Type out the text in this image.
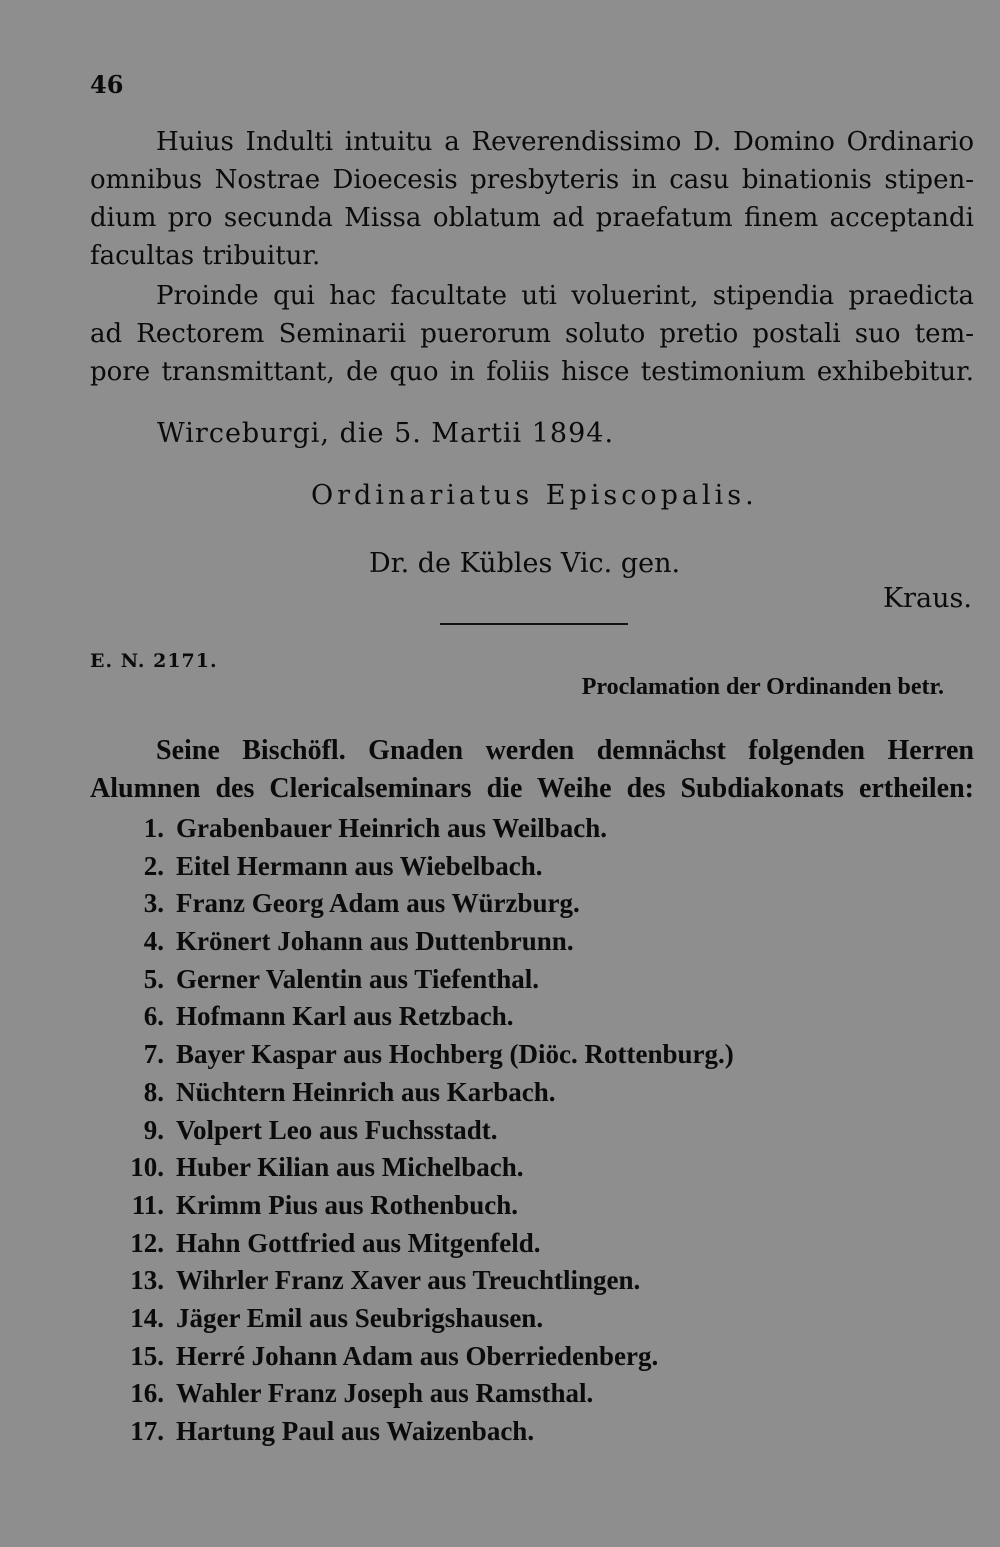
46
Huius Indulti intuitu a Reverendissimo D. Domino Ordinario
omnibus Nostrae Dioecesis presbyteris in casu binationis stipen-
dium pro secunda Missa oblatum ad praefatum finem acceptandi
facultas tribuitur.
Proinde qui hac facultate uti voluerint, stipendia praedicta
ad Rectorem Seminarii puerorum soluto pretio postali suo tem-
pore transmittant, de quo in foliis hisce testimonium exhibebitur.
Wirceburgi, die 5. Martii 1894.
Ordinariatus Episcopalis.
Dr. de Kübles Vic. gen.
Kraus.
E. N. 2171.
Proclamation der Ordinanden betr.
Seine Bischöfl. Gnaden werden demnächst folgenden Herren
Alumnen des Clericalseminars die Weihe des Subdiakonats ertheilen:
1. Grabenbauer Heinrich aus Weilbach.
2. Eitel Hermann aus Wiebelbach.
3. Franz Georg Adam aus Würzburg.
4. Krönert Johann aus Duttenbrunn.
5. Gerner Valentin aus Tiefenthal.
6. Hofmann Karl aus Retzbach.
7. Bayer Kaspar aus Hochberg (Diöc. Rottenburg.)
8. Nüchtern Heinrich aus Karbach.
9. Volpert Leo aus Fuchsstadt.
10. Huber Kilian aus Michelbach.
11. Krimm Pius aus Rothenbuch.
12. Hahn Gottfried aus Mitgenfeld.
13. Wihrler Franz Xaver aus Treuchtlingen.
14. Jäger Emil aus Seubrigshausen.
15. Herré Johann Adam aus Oberriedenberg.
16. Wahler Franz Joseph aus Ramsthal.
17. Hartung Paul aus Waizenbach.
